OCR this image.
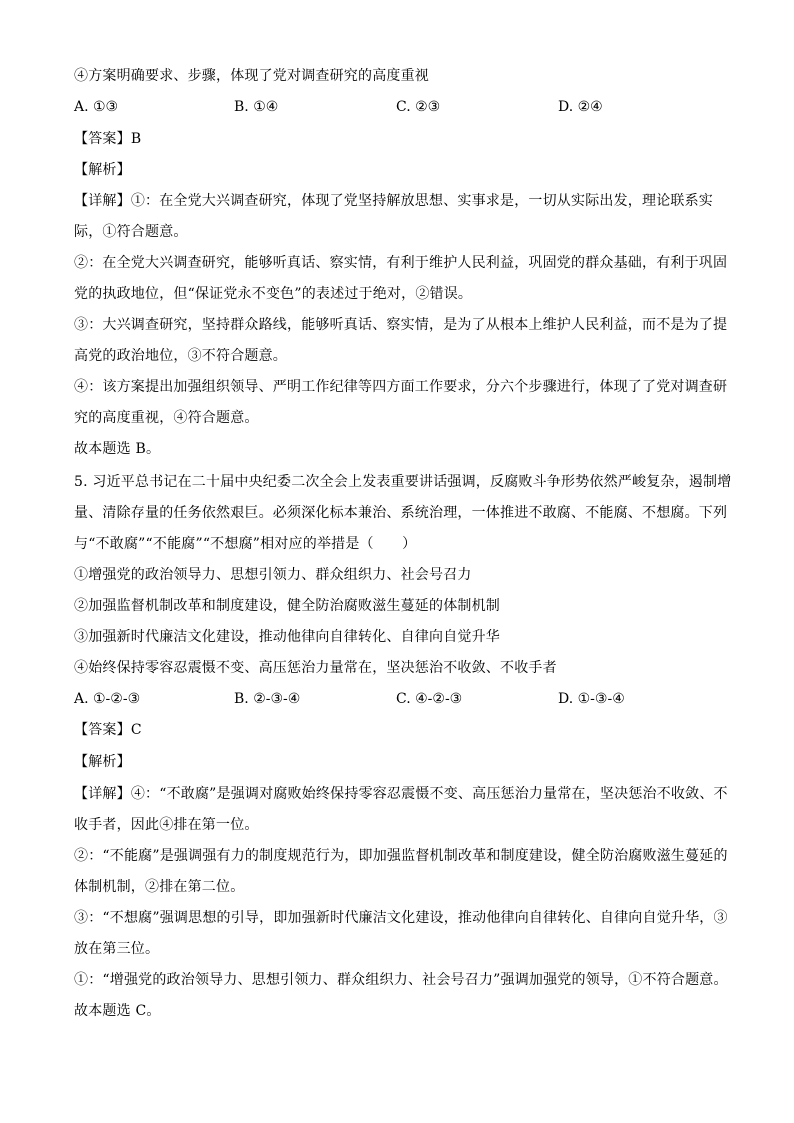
④方案明确要求、步骤，体现了党对调查研究的高度重视
A. ①③	B. ①④	C. ②③	D. ②④
【答案】B
【解析】
【详解】①：在全党大兴调查研究，体现了党坚持解放思想、实事求是，一切从实际出发，理论联系实
际，①符合题意。
②：在全党大兴调查研究，能够听真话、察实情，有利于维护人民利益，巩固党的群众基础，有利于巩固
党的执政地位，但“保证党永不变色”的表述过于绝对，②错误。
③：大兴调查研究，坚持群众路线，能够听真话、察实情，是为了从根本上维护人民利益，而不是为了提
高党的政治地位，③不符合题意。
④：该方案提出加强组织领导、严明工作纪律等四方面工作要求，分六个步骤进行，体现了了党对调查研
究的高度重视，④符合题意。
故本题选 B。
5. 习近平总书记在二十届中央纪委二次全会上发表重要讲话强调，反腐败斗争形势依然严峻复杂，遏制增
量、清除存量的任务依然艰巨。必须深化标本兼治、系统治理，一体推进不敢腐、不能腐、不想腐。下列
与“不敢腐”“不能腐”“不想腐”相对应的举措是（　　）
①增强党的政治领导力、思想引领力、群众组织力、社会号召力
②加强监督机制改革和制度建设，健全防治腐败滋生蔓延的体制机制
③加强新时代廉洁文化建设，推动他律向自律转化、自律向自觉升华
④始终保持零容忍震慑不变、高压惩治力量常在，坚决惩治不收敛、不收手者
A. ①-②-③	B. ②-③-④	C. ④-②-③	D. ①-③-④
【答案】C
【解析】
【详解】④：“不敢腐”是强调对腐败始终保持零容忍震慑不变、高压惩治力量常在，坚决惩治不收敛、不
收手者，因此④排在第一位。
②：“不能腐”是强调强有力的制度规范行为，即加强监督机制改革和制度建设，健全防治腐败滋生蔓延的
体制机制，②排在第二位。
③：“不想腐”强调思想的引导，即加强新时代廉洁文化建设，推动他律向自律转化、自律向自觉升华，③
放在第三位。
①：“增强党的政治领导力、思想引领力、群众组织力、社会号召力”强调加强党的领导，①不符合题意。
故本题选 C。
